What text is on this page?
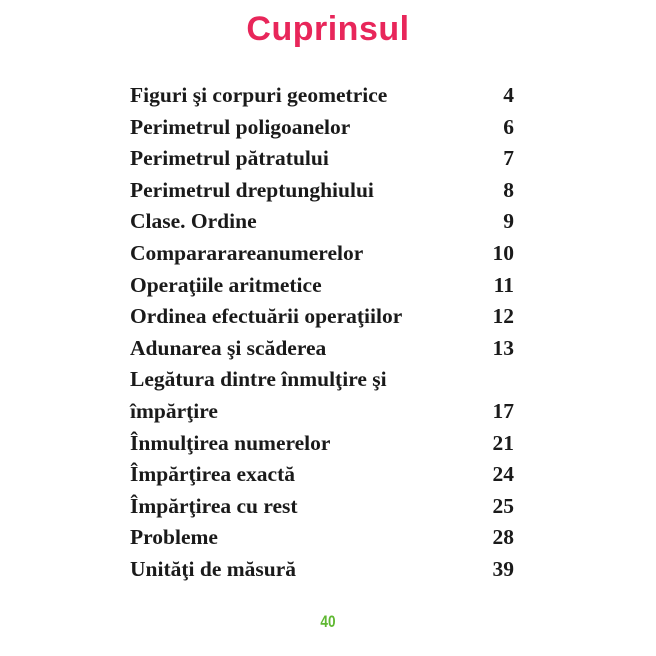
Cuprinsul
Figuri şi corpuri geometrice	4
Perimetrul poligoanelor	6
Perimetrul pătratului	7
Perimetrul dreptunghiului	8
Clase. Ordine	9
Compararareanumerelor	10
Operaţiile aritmetice	11
Ordinea efectuării operaţiilor	12
Adunarea şi scăderea	13
Legătura dintre înmulţire şi împărţire	17
Înmulţirea numerelor	21
Împărţirea exactă	24
Împărţirea cu rest	25
Probleme	28
Unităţi de măsură	39
40
